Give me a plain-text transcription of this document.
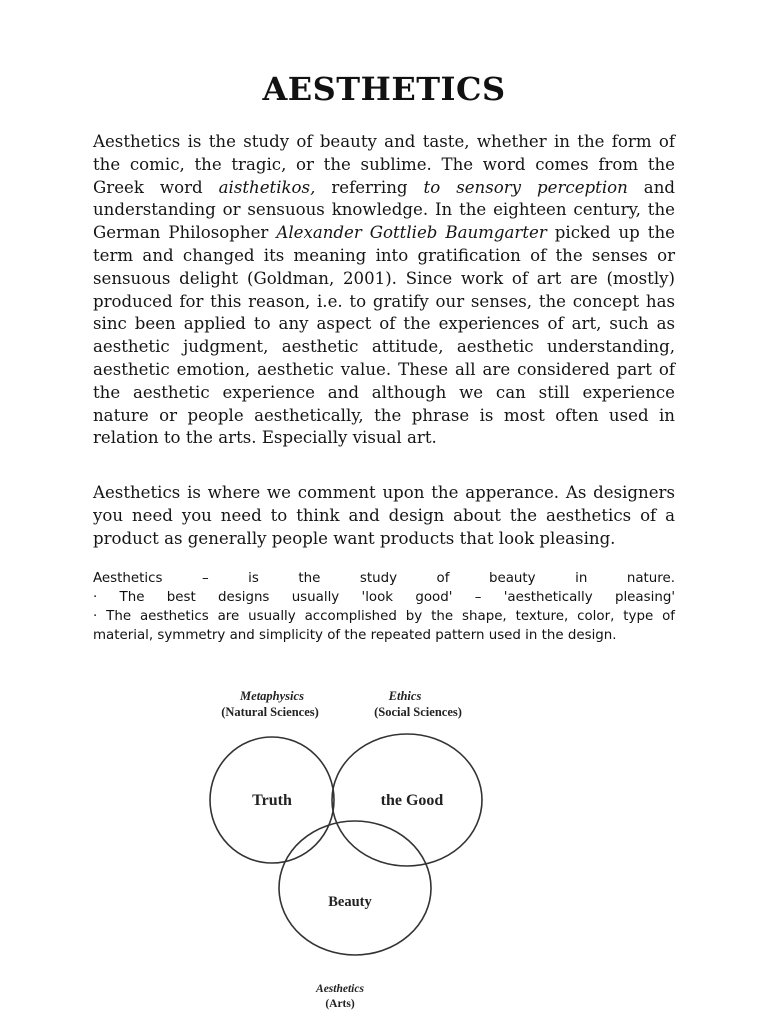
AESTHETICS
Aesthetics is the study of beauty and taste, whether in the form of the comic, the tragic, or the sublime. The word comes from the Greek word aisthetikos, referring to sensory perception and understanding or sensuous knowledge. In the eighteen century, the German Philosopher Alexander Gottlieb Baumgarter picked up the term and changed its meaning into gratification of the senses or sensuous delight (Goldman, 2001). Since work of art are (mostly) produced for this reason, i.e. to gratify our senses, the concept has sinc been applied to any aspect of the experiences of art, such as aesthetic judgment, aesthetic attitude, aesthetic understanding, aesthetic emotion, aesthetic value. These all are considered part of the aesthetic experience and although we can still experience nature or people aesthetically, the phrase is most often used in relation to the arts. Especially visual art.
Aesthetics is where we comment upon the apperance. As designers you need you need to think and design about the aesthetics of a product as generally people want products that look pleasing.
Aesthetics – is the study of beauty in nature.
· The best designs usually 'look good' – 'aesthetically pleasing'
· The aesthetics are usually accomplished by the shape, texture, color, type of material, symmetry and simplicity of the repeated pattern used in the design.
Metaphysics
(Natural Sciences)
Ethics
(Social Sciences)
Truth	the Good
Beauty
Aesthetics
(Arts)
